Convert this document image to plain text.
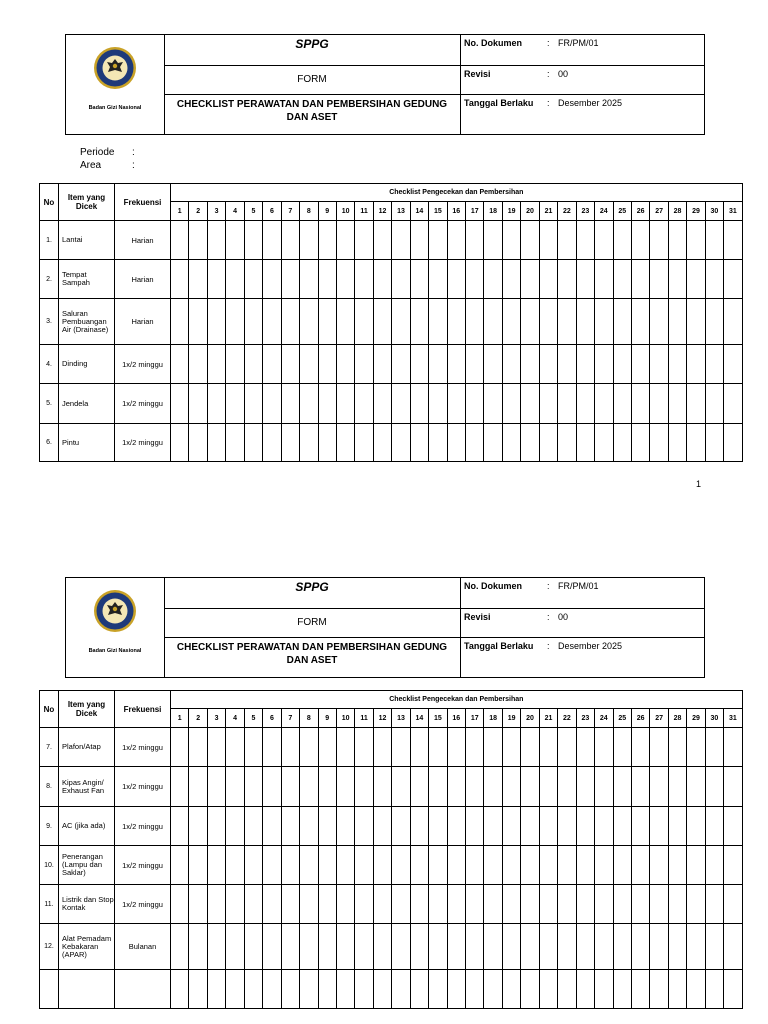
Badan Gizi Nasional
SPPG
FORM
CHECKLIST PERAWATAN DAN PEMBERSIHAN GEDUNG DAN ASET
No. Dokumen	: FR/PM/01
Revisi	: 00
Tanggal Berlaku : Desember 2025
Periode :
Area	:
No	Item yang Dicek	Frekuensi	Checklist Pengecekan dan Pembersihan																														
			1	2	3	4	5	6	7	8	9	10	11	12	13	14	15	16	17	18	19	20	21	22	23	24	25	26	27	28	29	30	31
1.	Lantai	Harian																															
2.	Tempat Sampah	Harian																															
3.	Saluran Pembuangan Air (Drainase)	Harian																															
4.	Dinding	1x/2 minggu																															
5.	Jendela	1x/2 minggu																															
6.	Pintu	1x/2 minggu																															
1
Badan Gizi Nasional
SPPG
FORM
CHECKLIST PERAWATAN DAN PEMBERSIHAN GEDUNG DAN ASET
No. Dokumen	: FR/PM/01
Revisi	: 00
Tanggal Berlaku : Desember 2025
No	Item yang Dicek	Frekuensi	Checklist Pengecekan dan Pembersihan																														
			1	2	3	4	5	6	7	8	9	10	11	12	13	14	15	16	17	18	19	20	21	22	23	24	25	26	27	28	29	30	31
7.	Plafon/Atap	1x/2 minggu																															
8.	Kipas Angin/ Exhaust Fan	1x/2 minggu																															
9.	AC (jika ada)	1x/2 minggu																															
10.	Penerangan (Lampu dan Saklar)	1x/2 minggu																															
11.	Listrik dan Stop Kontak	1x/2 minggu																															
12.	Alat Pemadam Kebakaran (APAR)	Bulanan																															
